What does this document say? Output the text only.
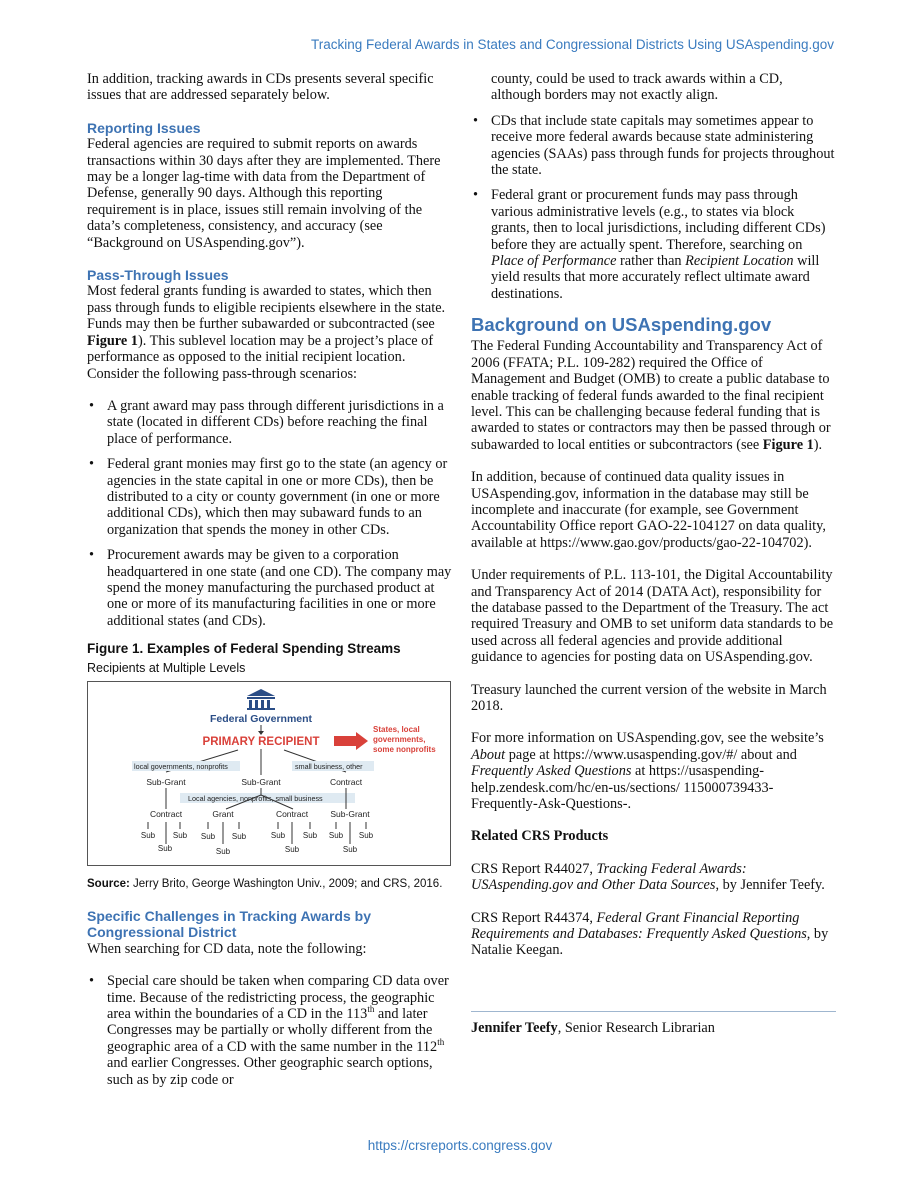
Tracking Federal Awards in States and Congressional Districts Using USAspending.gov

In addition, tracking awards in CDs presents several specific issues that are addressed separately below.

Reporting Issues

Federal agencies are required to submit reports on awards transactions within 30 days after they are implemented. There may be a longer lag-time with data from the Department of Defense, generally 90 days. Although this reporting requirement is in place, issues still remain involving of the data’s completeness, consistency, and accuracy (see “Background on USAspending.gov”).

Pass-Through Issues

Most federal grants funding is awarded to states, which then pass through funds to eligible recipients elsewhere in the state. Funds may then be further subawarded or subcontracted (see Figure 1). This sublevel location may be a project’s place of performance as opposed to the initial recipient location. Consider the following pass-through scenarios:

• A grant award may pass through different jurisdictions in a state (located in different CDs) before reaching the final place of performance.
• Federal grant monies may first go to the state (an agency or agencies in the state capital in one or more CDs), then be distributed to a city or county government (in one or more additional CDs), which then may subaward funds to an organization that spends the money in other CDs.
• Procurement awards may be given to a corporation headquartered in one state (and one CD). The company may spend the money manufacturing the purchased product at one or more of its manufacturing facilities in one or more additional states (and CDs).
Figure 1. Examples of Federal Spending Streams
Recipients at Multiple Levels
Federal Government
PRIMARY RECIPIENT
States, local
governments,
some nonprofits
local governments, nonprofits	small business, other
Sub-Grant	Sub-Grant	Contract
Local agencies, nonprofits, small business
Contract	Grant	Contract	Sub-Grant
Sub Sub
Sub
Sub Sub
Sub
Sub Sub
Sub
Sub Sub
Sub

Source: Jerry Brito, George Washington Univ., 2009; and CRS, 2016.

Specific Challenges in Tracking Awards by Congressional District

When searching for CD data, note the following:

• Special care should be taken when comparing CD data over time. Because of the redistricting process, the geographic area within the boundaries of a CD in the 113th and later Congresses may be partially or wholly different from the geographic area of a CD with the same number in the 112th and earlier Congresses. Other geographic search options, such as by zip code or
county, could be used to track awards within a CD, although borders may not exactly align.
• CDs that include state capitals may sometimes appear to receive more federal awards because state administering agencies (SAAs) pass through funds for projects throughout the state.
• Federal grant or procurement funds may pass through various administrative levels (e.g., to states via block grants, then to local jurisdictions, including different CDs) before they are actually spent. Therefore, searching on Place of Performance rather than Recipient Location will yield results that more accurately reflect ultimate award destinations.
Background on USAspending.gov

The Federal Funding Accountability and Transparency Act of 2006 (FFATA; P.L. 109-282) required the Office of Management and Budget (OMB) to create a public database to enable tracking of federal funds awarded to the final recipient level. This can be challenging because federal funding that is awarded to states or contractors may then be passed through or subawarded to local entities or subcontractors (see Figure 1).

In addition, because of continued data quality issues in USAspending.gov, information in the database may still be incomplete and inaccurate (for example, see Government Accountability Office report GAO-22-104127 on data quality, available at https://www.gao.gov/products/gao-22-104702).

Under requirements of P.L. 113-101, the Digital Accountability and Transparency Act of 2014 (DATA Act), responsibility for the database passed to the Department of the Treasury. The act required Treasury and OMB to set uniform data standards to be used across all federal agencies and provide additional guidance to agencies for posting data on USAspending.gov.

Treasury launched the current version of the website in March 2018.

For more information on USAspending.gov, see the website’s About page at https://www.usaspending.gov/#/ about and Frequently Asked Questions at https://usaspending-help.zendesk.com/hc/en-us/sections/ 115000739433-Frequently-Ask-Questions-.

Related CRS Products

CRS Report R44027, Tracking Federal Awards: USAspending.gov and Other Data Sources, by Jennifer Teefy.

CRS Report R44374, Federal Grant Financial Reporting Requirements and Databases: Frequently Asked Questions, by Natalie Keegan.

Jennifer Teefy, Senior Research Librarian

https://crsreports.congress.gov
